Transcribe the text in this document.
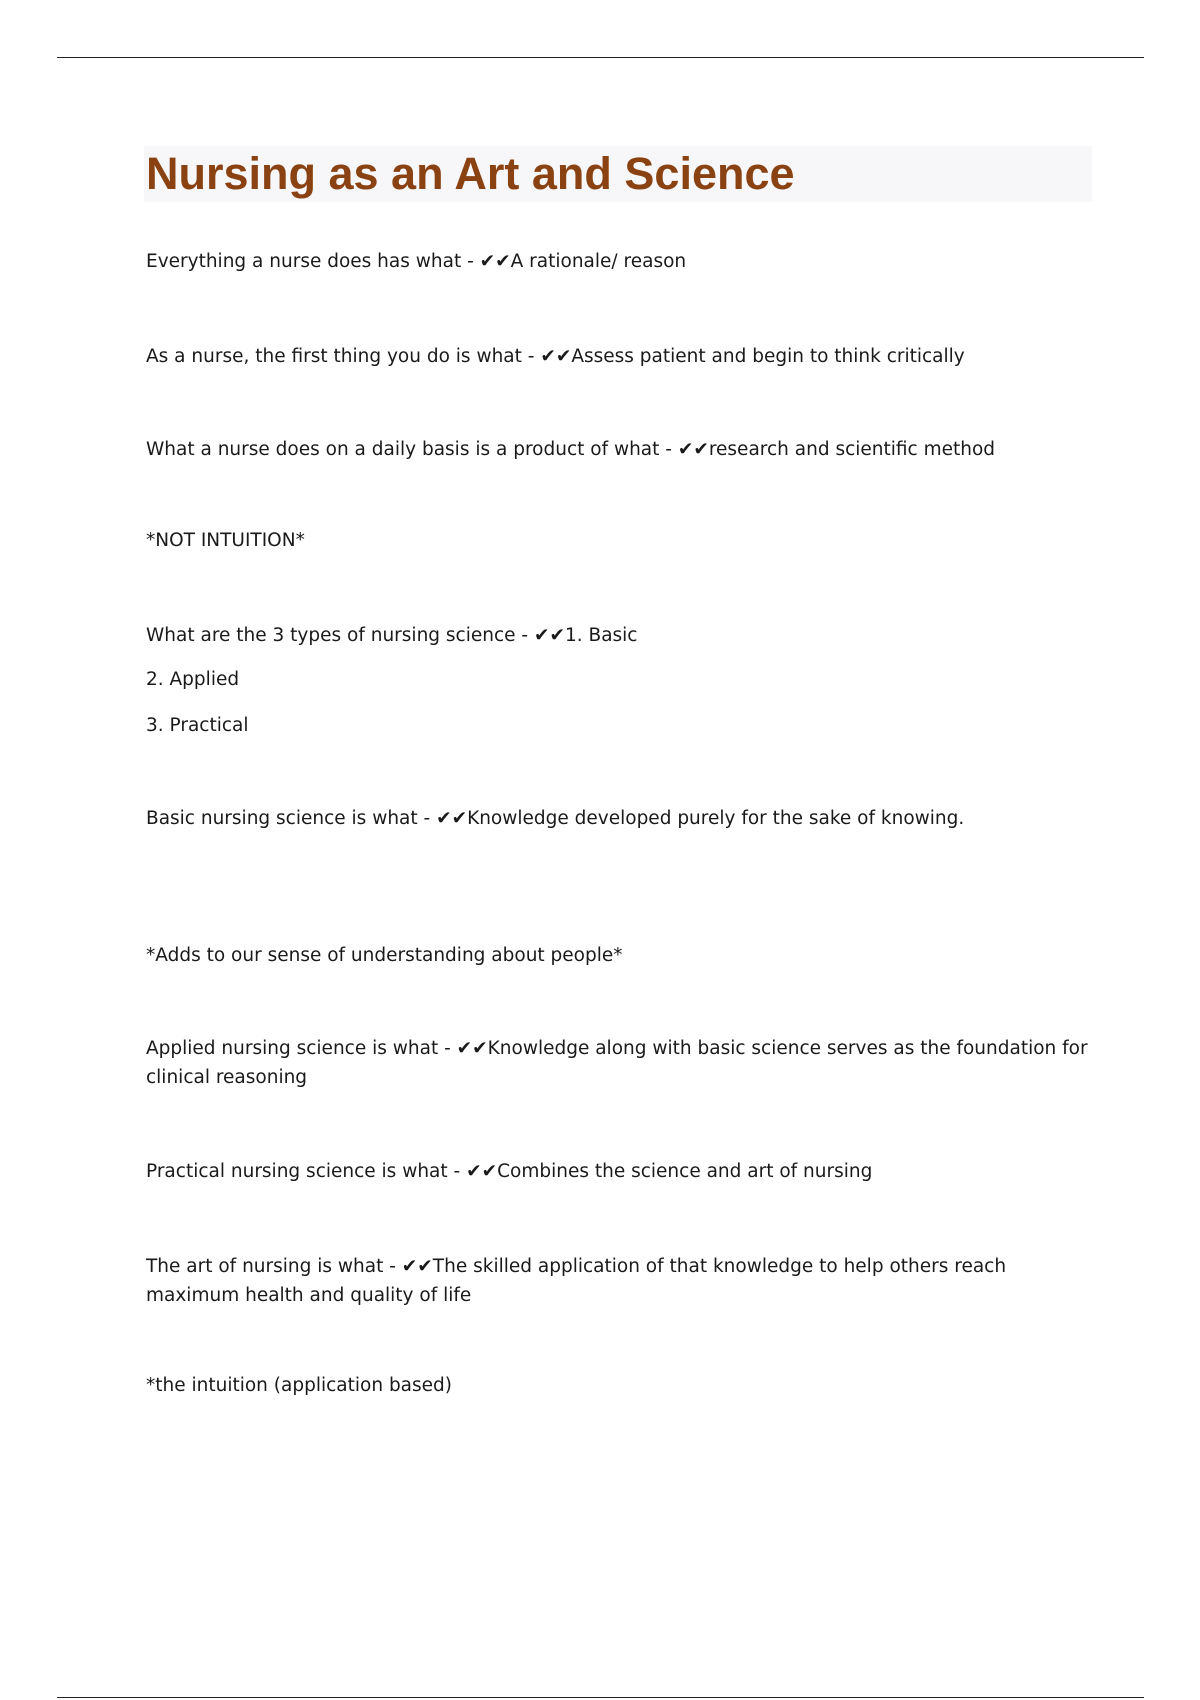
Nursing as an Art and Science

Everything a nurse does has what - ✔✔A rationale/ reason

As a nurse, the first thing you do is what - ✔✔Assess patient and begin to think critically

What a nurse does on a daily basis is a product of what - ✔✔research and scientific method

*NOT INTUITION*

What are the 3 types of nursing science - ✔✔1. Basic

2. Applied

3. Practical

Basic nursing science is what - ✔✔Knowledge developed purely for the sake of knowing.

*Adds to our sense of understanding about people*

Applied nursing science is what - ✔✔Knowledge along with basic science serves as the foundation for clinical reasoning

Practical nursing science is what - ✔✔Combines the science and art of nursing

The art of nursing is what - ✔✔The skilled application of that knowledge to help others reach maximum health and quality of life

*the intuition (application based)
